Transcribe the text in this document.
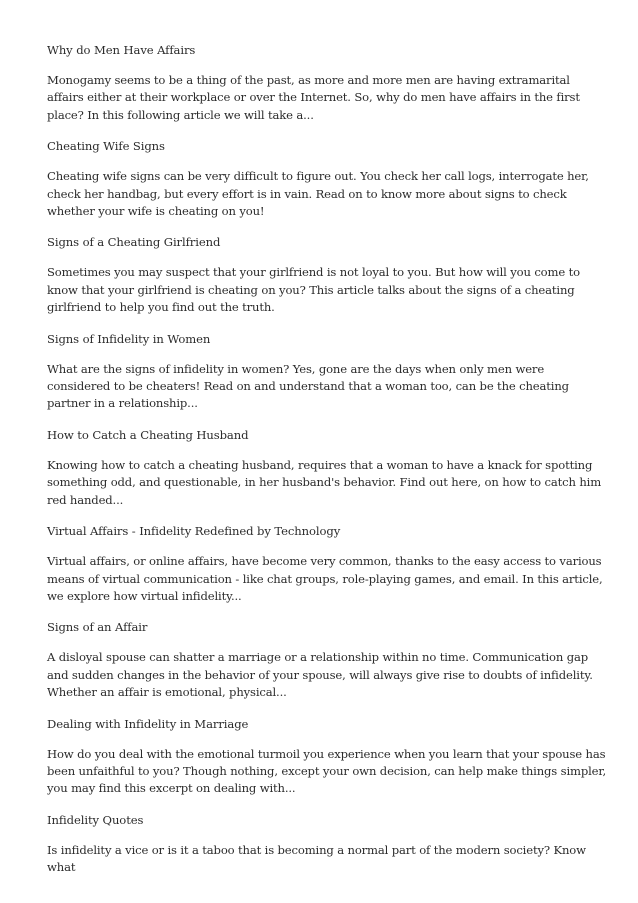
Why do Men Have Affairs
Monogamy seems to be a thing of the past, as more and more men are having extramarital affairs either at their workplace or over the Internet. So, why do men have affairs in the first place? In this following article we will take a...
Cheating Wife Signs
Cheating wife signs can be very difficult to figure out. You check her call logs, interrogate her, check her handbag, but every effort is in vain. Read on to know more about signs to check whether your wife is cheating on you!
Signs of a Cheating Girlfriend
Sometimes you may suspect that your girlfriend is not loyal to you. But how will you come to know that your girlfriend is cheating on you? This article talks about the signs of a cheating girlfriend to help you find out the truth.
Signs of Infidelity in Women
What are the signs of infidelity in women? Yes, gone are the days when only men were considered to be cheaters! Read on and understand that a woman too, can be the cheating partner in a relationship...
How to Catch a Cheating Husband
Knowing how to catch a cheating husband, requires that a woman to have a knack for spotting something odd, and questionable, in her husband's behavior. Find out here, on how to catch him red handed...
Virtual Affairs - Infidelity Redefined by Technology
Virtual affairs, or online affairs, have become very common, thanks to the easy access to various means of virtual communication - like chat groups, role-playing games, and email. In this article, we explore how virtual infidelity...
Signs of an Affair
A disloyal spouse can shatter a marriage or a relationship within no time. Communication gap and sudden changes in the behavior of your spouse, will always give rise to doubts of infidelity. Whether an affair is emotional, physical...
Dealing with Infidelity in Marriage
How do you deal with the emotional turmoil you experience when you learn that your spouse has been unfaithful to you? Though nothing, except your own decision, can help make things simpler, you may find this excerpt on dealing with...
Infidelity Quotes
Is infidelity a vice or is it a taboo that is becoming a normal part of the modern society? Know what
